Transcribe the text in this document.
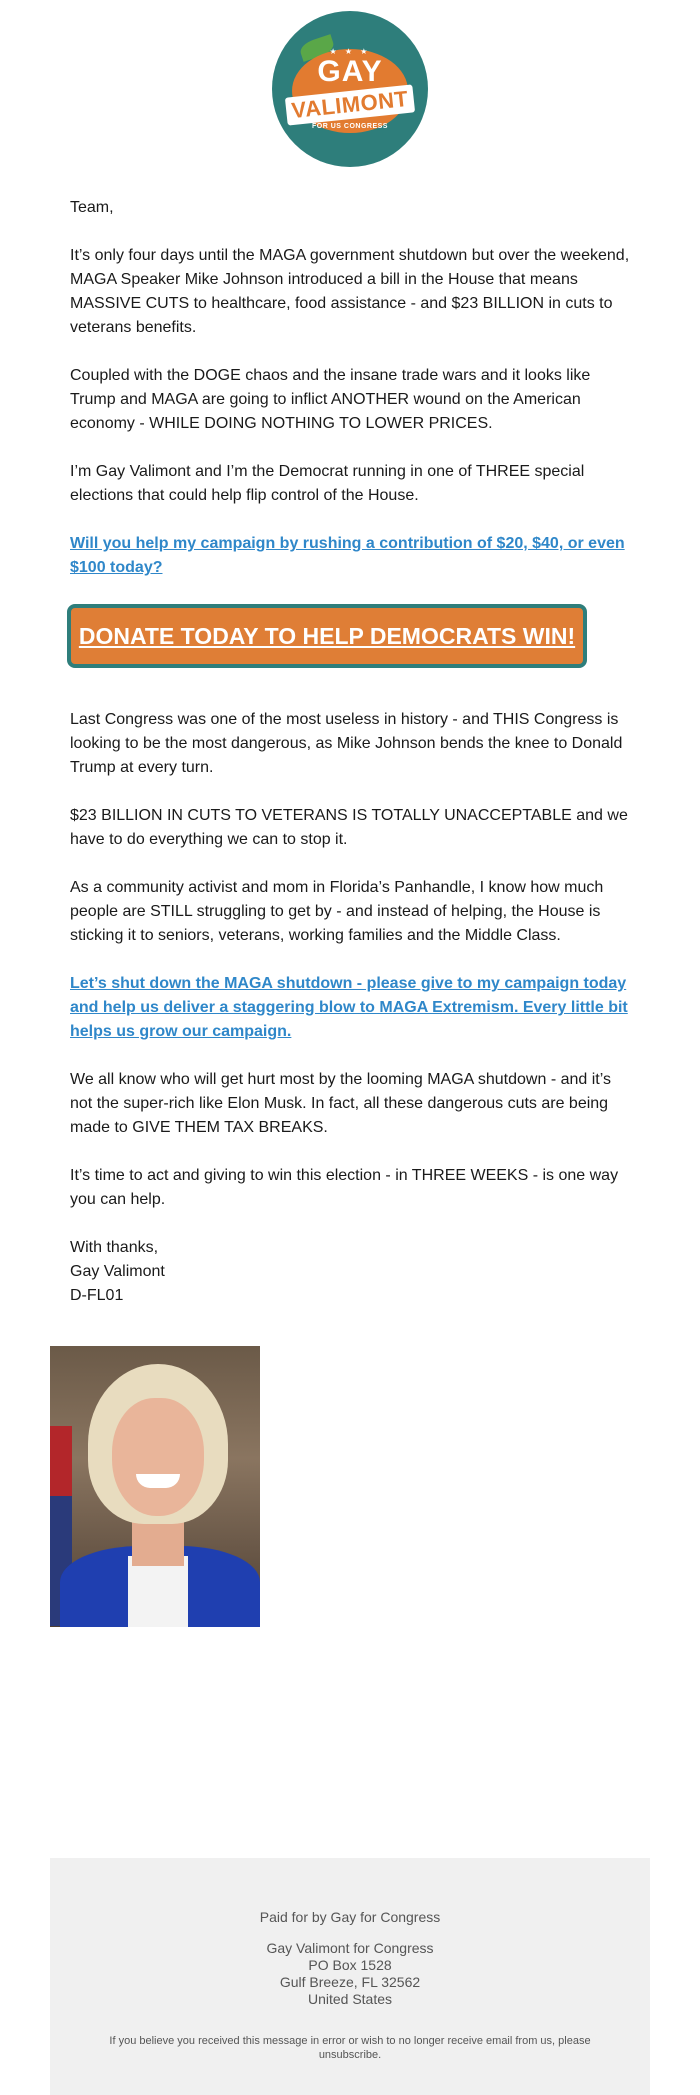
★ ★ ★
GAY
VALIMONT
FOR US CONGRESS

Team,

It’s only four days until the MAGA government shutdown but over the weekend, MAGA Speaker Mike Johnson introduced a bill in the House that means MASSIVE CUTS to healthcare, food assistance - and $23 BILLION in cuts to veterans benefits.

Coupled with the DOGE chaos and the insane trade wars and it looks like Trump and MAGA are going to inflict ANOTHER wound on the American economy - WHILE DOING NOTHING TO LOWER PRICES.

I’m Gay Valimont and I’m the Democrat running in one of THREE special elections that could help flip control of the House.

Will you help my campaign by rushing a contribution of $20, $40, or even $100 today?

DONATE TODAY TO HELP DEMOCRATS WIN!

Last Congress was one of the most useless in history - and THIS Congress is looking to be the most dangerous, as Mike Johnson bends the knee to Donald Trump at every turn.

$23 BILLION IN CUTS TO VETERANS IS TOTALLY UNACCEPTABLE and we have to do everything we can to stop it.

As a community activist and mom in Florida’s Panhandle, I know how much people are STILL struggling to get by - and instead of helping, the House is sticking it to seniors, veterans, working families and the Middle Class.

Let’s shut down the MAGA shutdown - please give to my campaign today and help us deliver a staggering blow to MAGA Extremism. Every little bit helps us grow our campaign.

We all know who will get hurt most by the looming MAGA shutdown - and it’s not the super-rich like Elon Musk. In fact, all these dangerous cuts are being made to GIVE THEM TAX BREAKS.

It’s time to act and giving to win this election - in THREE WEEKS - is one way you can help.

With thanks,

Gay Valimont

D-FL01

Paid for by Gay for Congress
Gay Valimont for Congress
PO Box 1528
Gulf Breeze, FL 32562
United States
If you believe you received this message in error or wish to no longer receive email from us, please unsubscribe.
